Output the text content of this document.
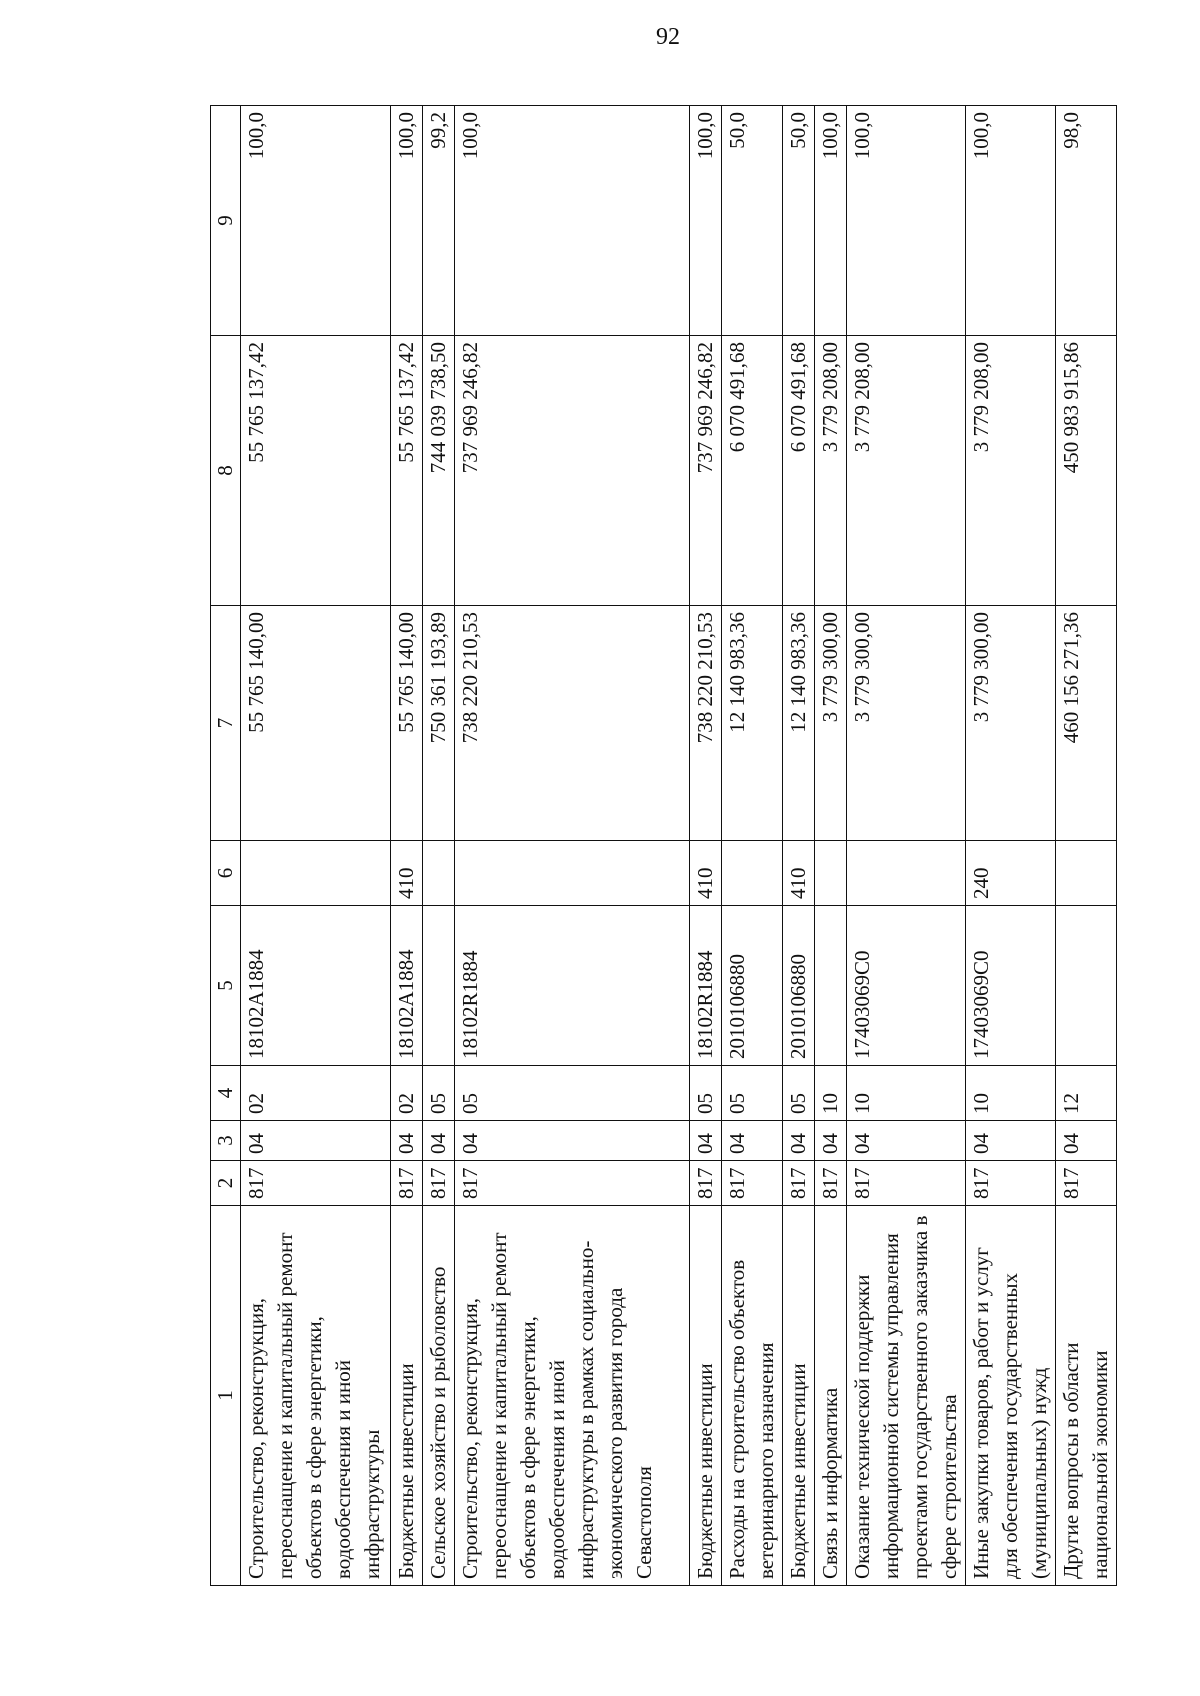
92
1	2	3	4	5	6	7	8	9
Строительство, реконструкция, переоснащение и капитальный ремонт объектов в сфере энергетики, водообеспечения и иной инфраструктуры	817	04	02	18102A1884		55 765 140,00	55 765 137,42	100,0
Бюджетные инвестиции	817	04	02	18102A1884	410	55 765 140,00	55 765 137,42	100,0
Сельское хозяйство и рыболовство	817	04	05			750 361 193,89	744 039 738,50	99,2
Строительство, реконструкция, переоснащение и капитальный ремонт объектов в сфере энергетики, водообеспечения и иной инфраструктуры в рамках социально-экономического развития города Севастополя	817	04	05	18102R1884		738 220 210,53	737 969 246,82	100,0
Бюджетные инвестиции	817	04	05	18102R1884	410	738 220 210,53	737 969 246,82	100,0
Расходы на строительство объектов ветеринарного назначения	817	04	05	2010106880		12 140 983,36	6 070 491,68	50,0
Бюджетные инвестиции	817	04	05	2010106880	410	12 140 983,36	6 070 491,68	50,0
Связь и информатика	817	04	10			3 779 300,00	3 779 208,00	100,0
Оказание технической поддержки информационной системы управления проектами государственного заказчика в сфере строительства	817	04	10	17403069C0		3 779 300,00	3 779 208,00	100,0
Иные закупки товаров, работ и услуг для обеспечения государственных (муниципальных) нужд	817	04	10	17403069C0	240	3 779 300,00	3 779 208,00	100,0
Другие вопросы в области национальной экономики	817	04	12			460 156 271,36	450 983 915,86	98,0
